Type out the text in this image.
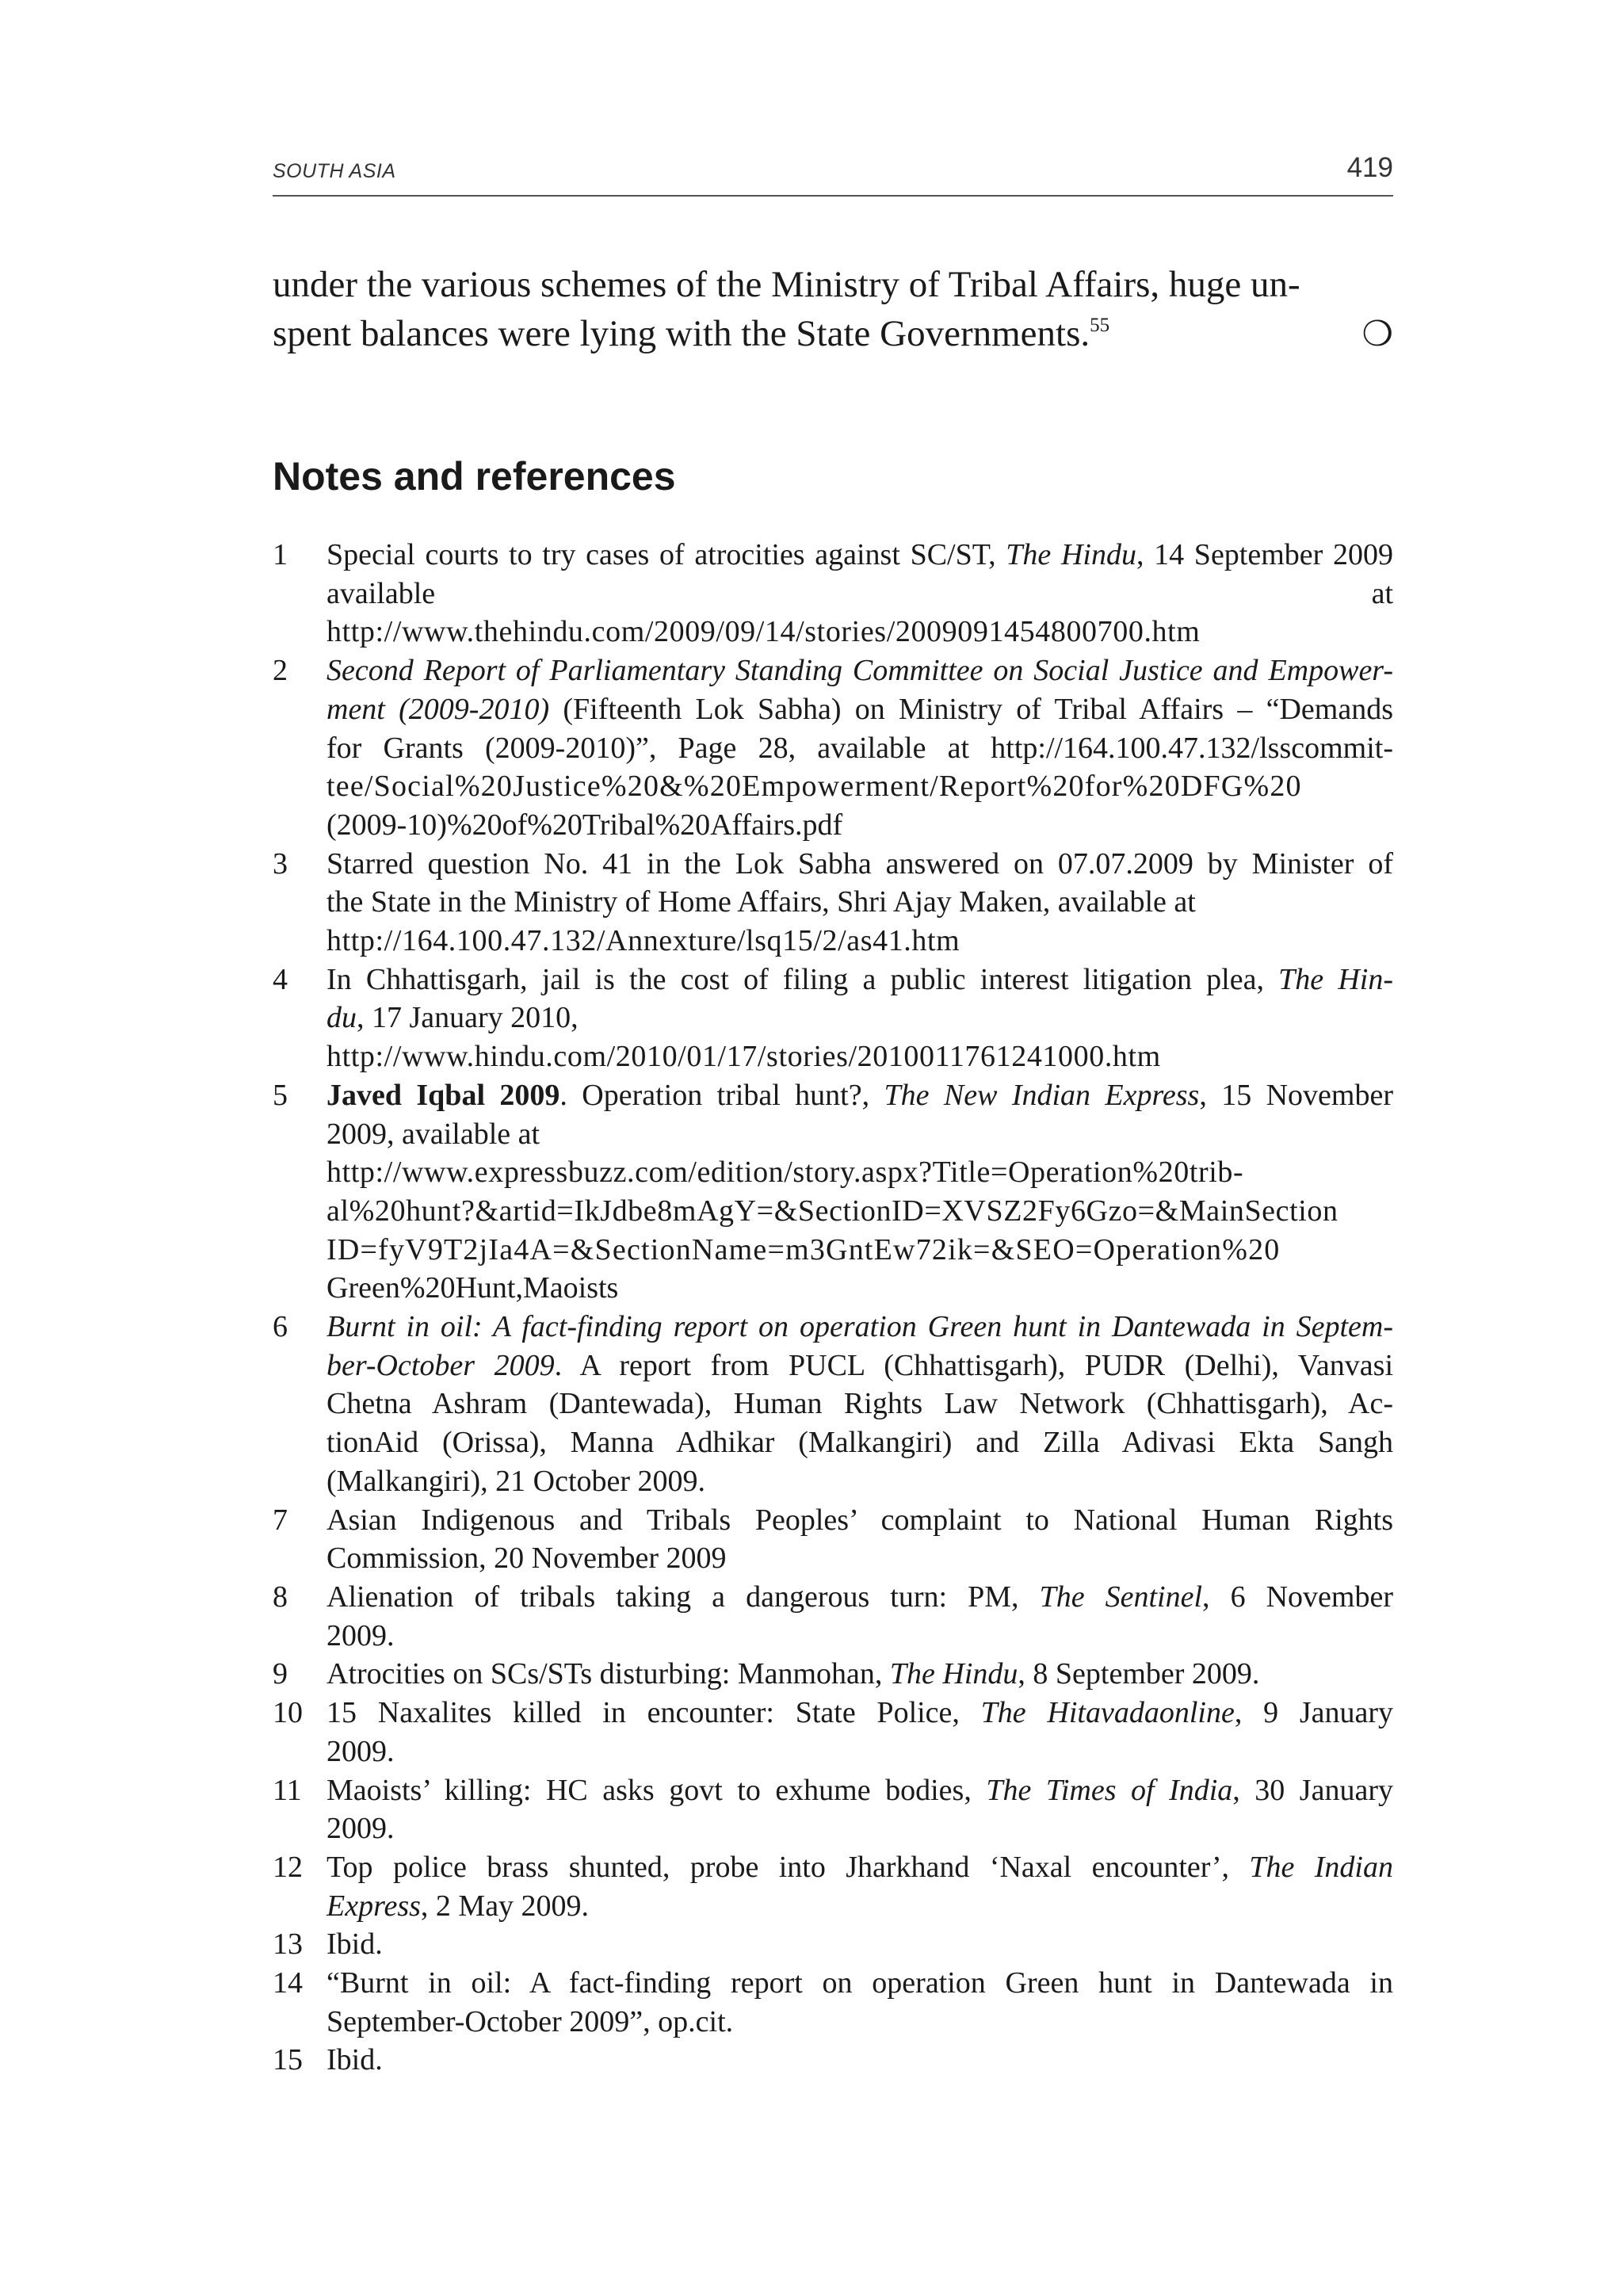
SOUTH ASIA	419

under the various schemes of the Ministry of Tribal Affairs, huge un-
spent balances were lying with the State Governments.$^{55}$	❍

Notes and references
1	Special courts to try cases of atrocities against SC/ST, The Hindu, 14 September 2009 available at
http://www.thehindu.com/2009/09/14/stories/2009091454800700.htm
2	Second Report of Parliamentary Standing Committee on Social Justice and Empower-
ment (2009-2010) (Fifteenth Lok Sabha) on Ministry of Tribal Affairs – “Demands
for Grants (2009-2010)”, Page 28, available at http://164.100.47.132/lsscommit-
tee/Social%20Justice%20&%20Empowerment/Report%20for%20DFG%20
(2009-10)%20of%20Tribal%20Affairs.pdf
3	Starred question No. 41 in the Lok Sabha answered on 07.07.2009 by Minister of
the State in the Ministry of Home Affairs, Shri Ajay Maken, available at
http://164.100.47.132/Annexture/lsq15/2/as41.htm
4	In Chhattisgarh, jail is the cost of filing a public interest litigation plea, The Hin-
du, 17 January 2010,
http://www.hindu.com/2010/01/17/stories/2010011761241000.htm
5	Javed Iqbal 2009. Operation tribal hunt?, The New Indian Express, 15 November
2009, available at
http://www.expressbuzz.com/edition/story.aspx?Title=Operation%20trib-
al%20hunt?&artid=IkJdbe8mAgY=&SectionID=XVSZ2Fy6Gzo=&MainSection
ID=fyV9T2jIa4A=&SectionName=m3GntEw72ik=&SEO=Operation%20
Green%20Hunt,Maoists
6	Burnt in oil: A fact-finding report on operation Green hunt in Dantewada in Septem-
ber-October 2009. A report from PUCL (Chhattisgarh), PUDR (Delhi), Vanvasi
Chetna Ashram (Dantewada), Human Rights Law Network (Chhattisgarh), Ac-
tionAid (Orissa), Manna Adhikar (Malkangiri) and Zilla Adivasi Ekta Sangh
(Malkangiri), 21 October 2009.
7	Asian Indigenous and Tribals Peoples’ complaint to National Human Rights
Commission, 20 November 2009
8	Alienation of tribals taking a dangerous turn: PM, The Sentinel, 6 November
2009.
9	Atrocities on SCs/STs disturbing: Manmohan, The Hindu, 8 September 2009.
10 15 Naxalites killed in encounter: State Police, The Hitavadaonline, 9 January
2009.
11 Maoists’ killing: HC asks govt to exhume bodies, The Times of India, 30 January
2009.
12 Top police brass shunted, probe into Jharkhand ‘Naxal encounter’, The Indian
Express, 2 May 2009.
13 Ibid.
14 “Burnt in oil: A fact-finding report on operation Green hunt in Dantewada in
September-October 2009”, op.cit.
15 Ibid.
